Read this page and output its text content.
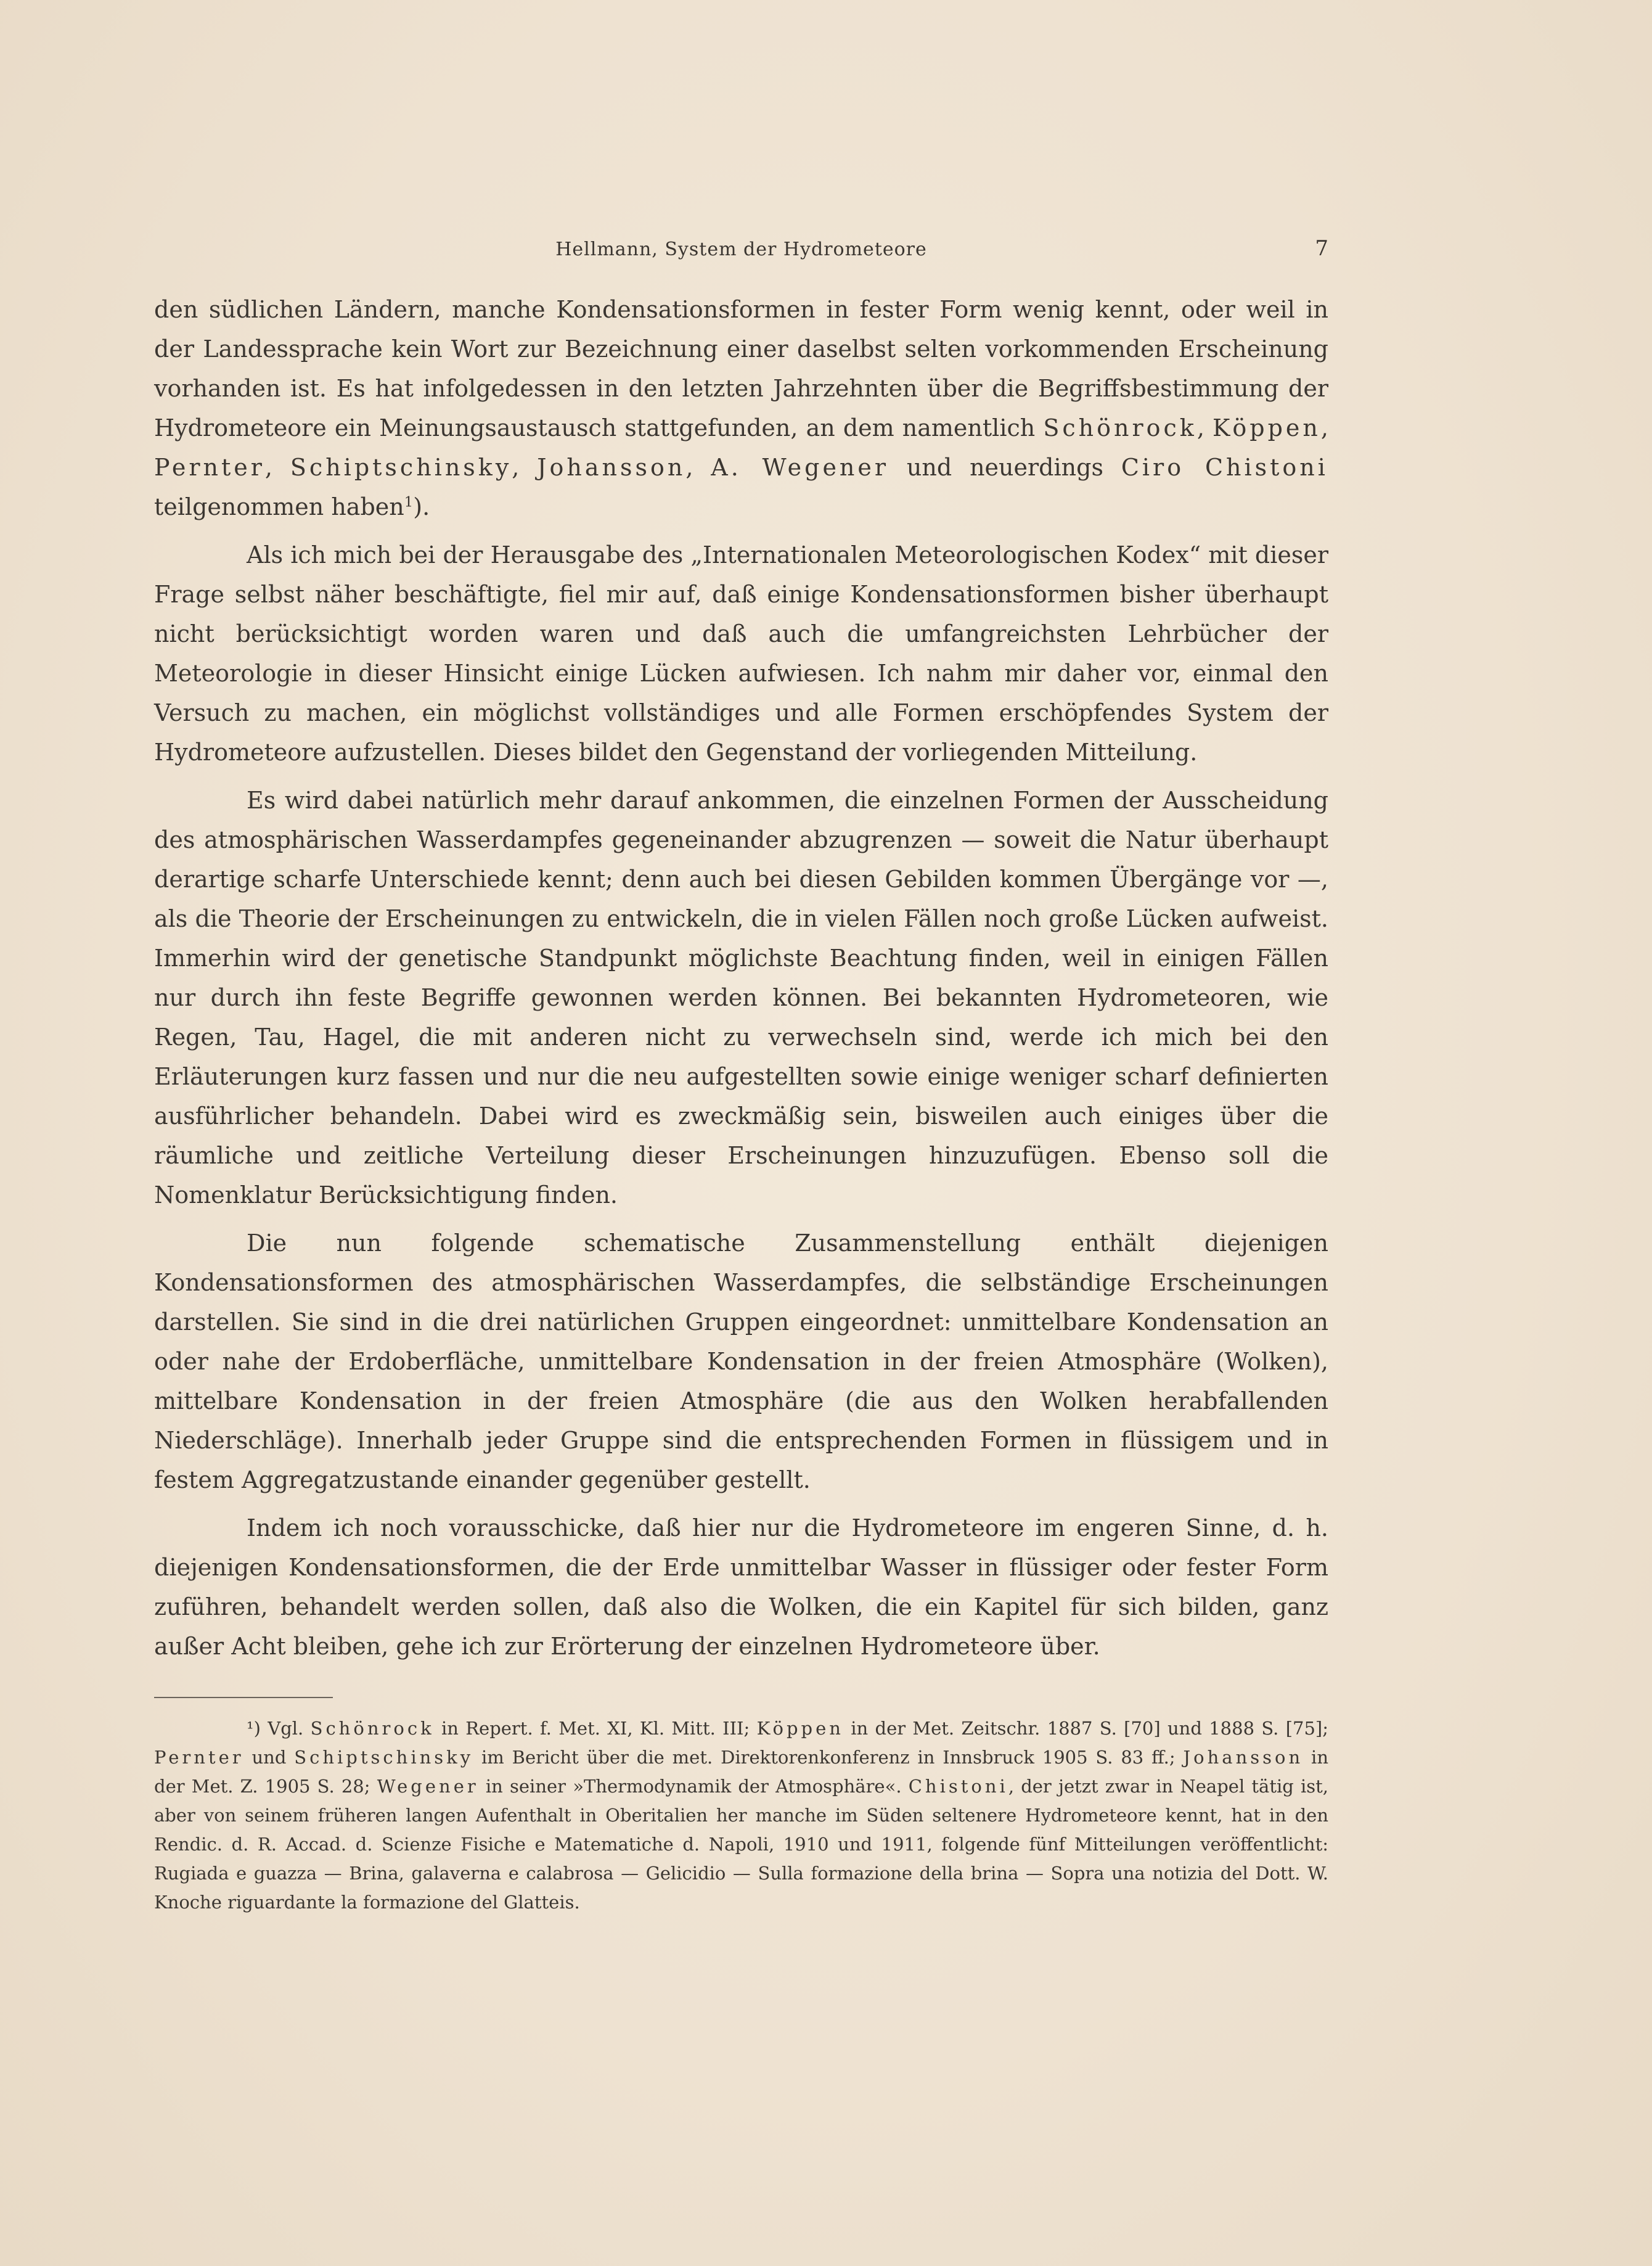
Hellmann, System der Hydrometeore	7

den südlichen Ländern, manche Kondensationsformen in fester Form wenig kennt, oder weil in der Landessprache kein Wort zur Bezeichnung einer daselbst selten vorkommenden Erscheinung vorhanden ist. Es hat infolgedessen in den letzten Jahrzehnten über die Begriffsbestimmung der Hydrometeore ein Meinungsaustausch stattgefunden, an dem namentlich Schönrock, Köppen, Pernter, Schiptschinsky, Johansson, A. Wegener und neuerdings Ciro Chistoni teilgenommen haben$^1$).

Als ich mich bei der Herausgabe des „Internationalen Meteorologischen Kodex“ mit dieser Frage selbst näher beschäftigte, fiel mir auf, daß einige Kondensationsformen bisher überhaupt nicht berücksichtigt worden waren und daß auch die umfangreichsten Lehrbücher der Meteorologie in dieser Hinsicht einige Lücken aufwiesen. Ich nahm mir daher vor, einmal den Versuch zu machen, ein möglichst vollständiges und alle Formen erschöpfendes System der Hydrometeore aufzustellen. Dieses bildet den Gegenstand der vorliegenden Mitteilung.

Es wird dabei natürlich mehr darauf ankommen, die einzelnen Formen der Ausscheidung des atmosphärischen Wasserdampfes gegeneinander abzugrenzen — soweit die Natur überhaupt derartige scharfe Unterschiede kennt; denn auch bei diesen Gebilden kommen Übergänge vor —, als die Theorie der Erscheinungen zu entwickeln, die in vielen Fällen noch große Lücken aufweist. Immerhin wird der genetische Standpunkt möglichste Beachtung finden, weil in einigen Fällen nur durch ihn feste Begriffe gewonnen werden können. Bei bekannten Hydrometeoren, wie Regen, Tau, Hagel, die mit anderen nicht zu verwechseln sind, werde ich mich bei den Erläuterungen kurz fassen und nur die neu aufgestellten sowie einige weniger scharf definierten ausführlicher behandeln. Dabei wird es zweckmäßig sein, bisweilen auch einiges über die räumliche und zeitliche Verteilung dieser Erscheinungen hinzuzufügen. Ebenso soll die Nomenklatur Berücksichtigung finden.

Die nun folgende schematische Zusammenstellung enthält diejenigen Kondensationsformen des atmosphärischen Wasserdampfes, die selbständige Erscheinungen darstellen. Sie sind in die drei natürlichen Gruppen eingeordnet: unmittelbare Kondensation an oder nahe der Erdoberfläche, unmittelbare Kondensation in der freien Atmosphäre (Wolken), mittelbare Kondensation in der freien Atmosphäre (die aus den Wolken herabfallenden Niederschläge). Innerhalb jeder Gruppe sind die entsprechenden Formen in flüssigem und in festem Aggregatzustande einander gegenüber gestellt.

Indem ich noch vorausschicke, daß hier nur die Hydrometeore im engeren Sinne, d. h. diejenigen Kondensationsformen, die der Erde unmittelbar Wasser in flüssiger oder fester Form zuführen, behandelt werden sollen, daß also die Wolken, die ein Kapitel für sich bilden, ganz außer Acht bleiben, gehe ich zur Erörterung der einzelnen Hydrometeore über.

¹) Vgl. Schönrock in Repert. f. Met. XI, Kl. Mitt. III; Köppen in der Met. Zeitschr. 1887 S. [70] und 1888 S. [75]; Pernter und Schiptschinsky im Bericht über die met. Direktorenkonferenz in Innsbruck 1905 S. 83 ff.; Johansson in der Met. Z. 1905 S. 28; Wegener in seiner »Thermodynamik der Atmosphäre«. Chistoni, der jetzt zwar in Neapel tätig ist, aber von seinem früheren langen Aufenthalt in Oberitalien her manche im Süden seltenere Hydrometeore kennt, hat in den Rendic. d. R. Accad. d. Scienze Fisiche e Matematiche d. Napoli, 1910 und 1911, folgende fünf Mitteilungen veröffentlicht: Rugiada e guazza — Brina, galaverna e calabrosa — Gelicidio — Sulla formazione della brina — Sopra una notizia del Dott. W. Knoche riguardante la formazione del Glatteis.
